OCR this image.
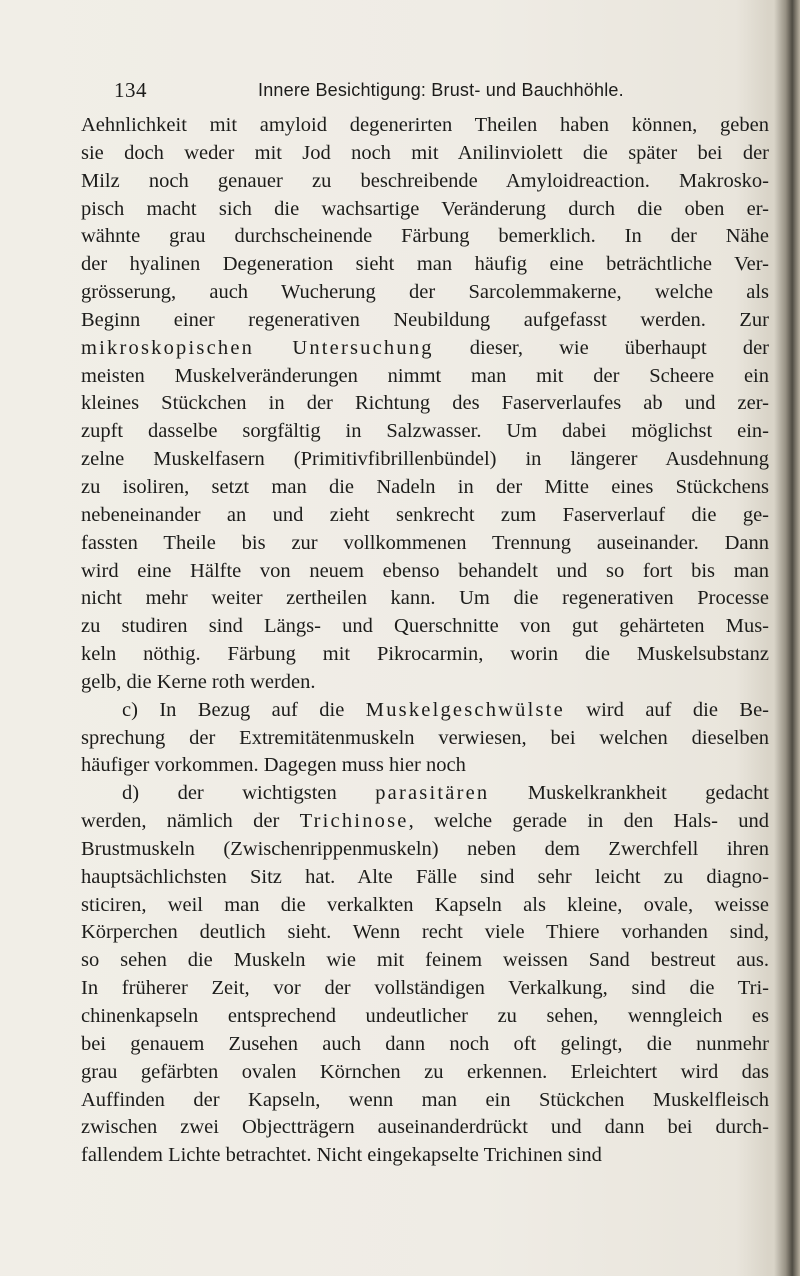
134	Innere Besichtigung: Brust- und Bauchhöhle.
Aehnlichkeit mit amyloid degenerirten Theilen haben können, geben
sie doch weder mit Jod noch mit Anilinviolett die später bei der
Milz noch genauer zu beschreibende Amyloidreaction. Makrosko-
pisch macht sich die wachsartige Veränderung durch die oben er-
wähnte grau durchscheinende Färbung bemerklich. In der Nähe
der hyalinen Degeneration sieht man häufig eine beträchtliche Ver-
grösserung, auch Wucherung der Sarcolemmakerne, welche als
Beginn einer regenerativen Neubildung aufgefasst werden. Zur
mikroskopischen Untersuchung dieser, wie überhaupt der
meisten Muskelveränderungen nimmt man mit der Scheere ein
kleines Stückchen in der Richtung des Faserverlaufes ab und zer-
zupft dasselbe sorgfältig in Salzwasser. Um dabei möglichst ein-
zelne Muskelfasern (Primitivfibrillenbündel) in längerer Ausdehnung
zu isoliren, setzt man die Nadeln in der Mitte eines Stückchens
nebeneinander an und zieht senkrecht zum Faserverlauf die ge-
fassten Theile bis zur vollkommenen Trennung auseinander. Dann
wird eine Hälfte von neuem ebenso behandelt und so fort bis man
nicht mehr weiter zertheilen kann. Um die regenerativen Processe
zu studiren sind Längs- und Querschnitte von gut gehärteten Mus-
keln nöthig. Färbung mit Pikrocarmin, worin die Muskelsubstanz
gelb, die Kerne roth werden.
c) In Bezug auf die Muskelgeschwülste wird auf die Be-
sprechung der Extremitätenmuskeln verwiesen, bei welchen dieselben
häufiger vorkommen. Dagegen muss hier noch
d) der wichtigsten parasitären Muskelkrankheit gedacht
werden, nämlich der Trichinose, welche gerade in den Hals- und
Brustmuskeln (Zwischenrippenmuskeln) neben dem Zwerchfell ihren
hauptsächlichsten Sitz hat. Alte Fälle sind sehr leicht zu diagno-
sticiren, weil man die verkalkten Kapseln als kleine, ovale, weisse
Körperchen deutlich sieht. Wenn recht viele Thiere vorhanden sind,
so sehen die Muskeln wie mit feinem weissen Sand bestreut aus.
In früherer Zeit, vor der vollständigen Verkalkung, sind die Tri-
chinenkapseln entsprechend undeutlicher zu sehen, wenngleich es
bei genauem Zusehen auch dann noch oft gelingt, die nunmehr
grau gefärbten ovalen Körnchen zu erkennen. Erleichtert wird das
Auffinden der Kapseln, wenn man ein Stückchen Muskelfleisch
zwischen zwei Objectträgern auseinanderdrückt und dann bei durch-
fallendem Lichte betrachtet. Nicht eingekapselte Trichinen sind
